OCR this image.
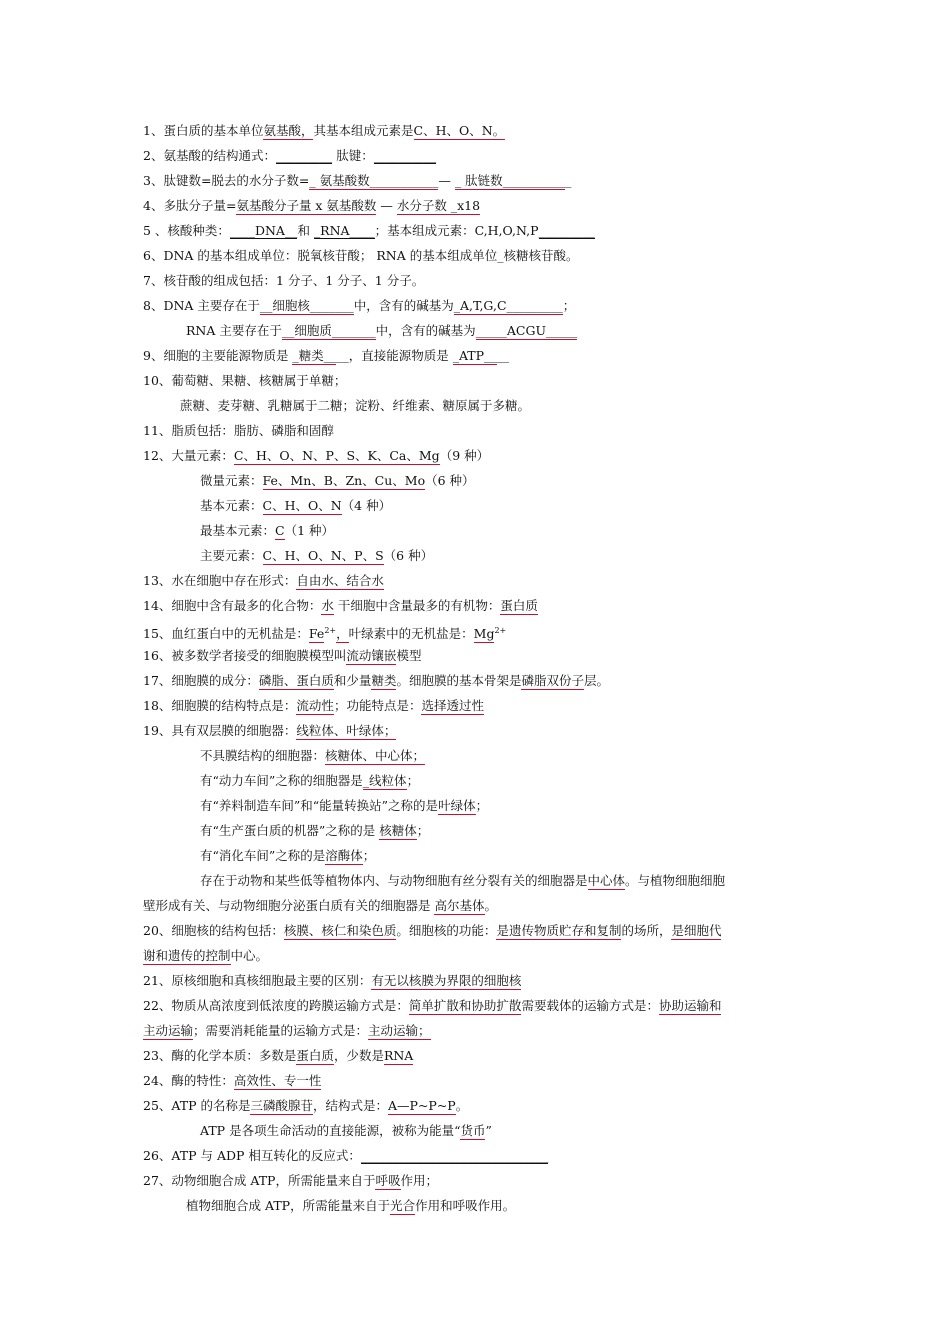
1、蛋白质的基本单位氨基酸，其基本组成元素是C、H、O、N。
2、氨基酸的结构通式：_________ 肽键：__________
3、肽键数=脱去的水分子数=_ 氨基酸数___________— _ 肽链数___________
4、多肽分子量=氨基酸分子量 x 氨基酸数 — 水分子数 _x18
5 、核酸种类：____DNA__和 _RNA____；基本组成元素：C,H,O,N,P_________
6、DNA 的基本组成单位：脱氧核苷酸； RNA 的基本组成单位_核糖核苷酸。
7、核苷酸的组成包括：1 分子、1 分子、1 分子。
8、DNA 主要存在于__细胞核_______中，含有的碱基为_A,T,G,C_________；
RNA 主要存在于__细胞质_______中，含有的碱基为_____ACGU_____
9、细胞的主要能源物质是 _糖类____，直接能源物质是 _ATP____
10、葡萄糖、果糖、核糖属于单糖；
蔗糖、麦芽糖、乳糖属于二糖；淀粉、纤维素、糖原属于多糖。
11、脂质包括：脂肪、磷脂和固醇
12、大量元素：C、H、O、N、P、S、K、Ca、Mg（9 种）
微量元素：Fe、Mn、B、Zn、Cu、Mo（6 种）
基本元素：C、H、O、N（4 种）
最基本元素：C（1 种）
主要元素：C、H、O、N、P、S（6 种）
13、水在细胞中存在形式：自由水、结合水
14、细胞中含有最多的化合物：水 干细胞中含量最多的有机物：蛋白质
15、血红蛋白中的无机盐是：$Fe^{2+}$，叶绿素中的无机盐是：$Mg^{2+}$
16、被多数学者接受的细胞膜模型叫流动镶嵌模型
17、细胞膜的成分：磷脂、蛋白质和少量糖类。细胞膜的基本骨架是磷脂双份子层。
18、细胞膜的结构特点是：流动性；功能特点是：选择透过性
19、具有双层膜的细胞器：线粒体、叶绿体；
不具膜结构的细胞器：核糖体、中心体；
有“动力车间”之称的细胞器是_线粒体；
有“养料制造车间”和“能量转换站”之称的是叶绿体；
有“生产蛋白质的机器”之称的是 核糖体；
有“消化车间”之称的是溶酶体；
存在于动物和某些低等植物体内、与动物细胞有丝分裂有关的细胞器是中心体。与植物细胞细胞
壁形成有关、与动物细胞分泌蛋白质有关的细胞器是 高尔基体。
20、细胞核的结构包括：核膜、核仁和染色质。细胞核的功能：是遗传物质贮存和复制的场所，是细胞代
谢和遗传的控制中心。
21、原核细胞和真核细胞最主要的区别：有无以核膜为界限的细胞核
22、物质从高浓度到低浓度的跨膜运输方式是：简单扩散和协助扩散需要载体的运输方式是：协助运输和
主动运输；需要消耗能量的运输方式是：主动运输；
23、酶的化学本质：多数是蛋白质，少数是RNA
24、酶的特性：高效性、专一性
25、ATP 的名称是三磷酸腺苷，结构式是：A—P~P~P。
ATP 是各项生命活动的直接能源，被称为能量“货币”
26、ATP 与 ADP 相互转化的反应式：______________________________
27、动物细胞合成 ATP，所需能量来自于呼吸作用；
植物细胞合成 ATP，所需能量来自于光合作用和呼吸作用。
